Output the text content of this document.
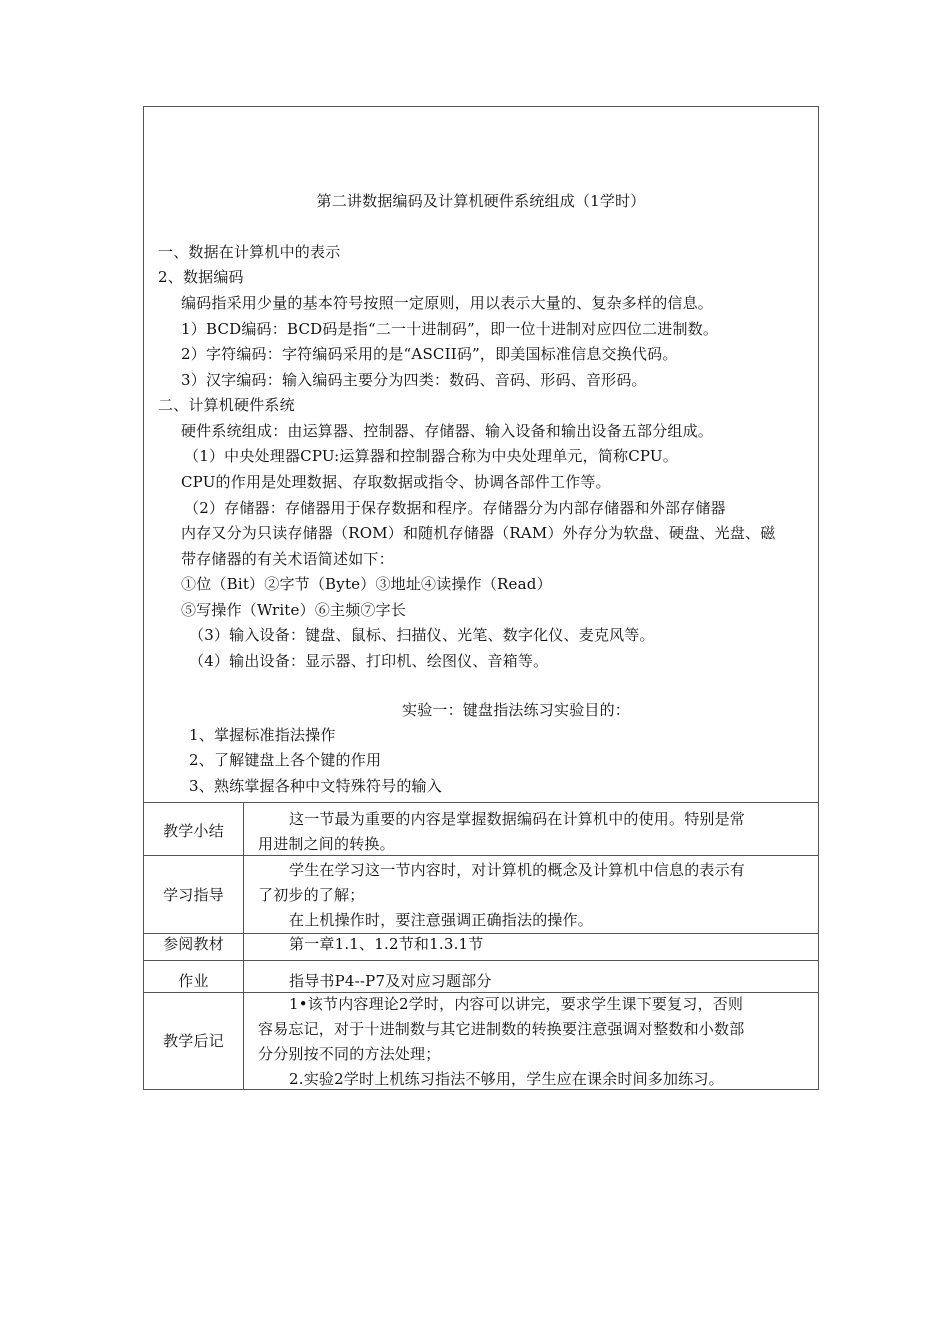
第二讲数据编码及计算机硬件系统组成（1学时）
一、数据在计算机中的表示
2、数据编码
编码指采用少量的基本符号按照一定原则，用以表示大量的、复杂多样的信息。
1）BCD编码：BCD码是指“二一十进制码”，即一位十进制对应四位二进制数。
2）字符编码：字符编码采用的是“ASCII码”，即美国标准信息交换代码。
3）汉字编码：输入编码主要分为四类：数码、音码、形码、音形码。
二、计算机硬件系统
硬件系统组成：由运算器、控制器、存储器、输入设备和输出设备五部分组成。
（1）中央处理器CPU:运算器和控制器合称为中央处理单元，简称CPU。
CPU的作用是处理数据、存取数据或指令、协调各部件工作等。
（2）存储器：存储器用于保存数据和程序。存储器分为内部存储器和外部存储器
内存又分为只读存储器（ROM）和随机存储器（RAM）外存分为软盘、硬盘、光盘、磁
带存储器的有关术语简述如下：
①位（Bit）②字节（Byte）③地址④读操作（Read）
⑤写操作（Write）⑥主频⑦字长
（3）输入设备：键盘、鼠标、扫描仪、光笔、数字化仪、麦克风等。
（4）输出设备：显示器、打印机、绘图仪、音箱等。
实验一：键盘指法练习实验目的：
1、掌握标准指法操作
2、了解键盘上各个键的作用
3、熟练掌握各种中文特殊符号的输入
教学小结
这一节最为重要的内容是掌握数据编码在计算机中的使用。特别是常
用进制之间的转换。
学习指导
学生在学习这一节内容时，对计算机的概念及计算机中信息的表示有
了初步的了解；
在上机操作时，要注意强调正确指法的操作。
参阅教材	第一章1.1、1.2节和1.3.1节
作业	指导书P4--P7及对应习题部分
教学后记
1•该节内容理论2学时，内容可以讲完，要求学生课下要复习，否则
容易忘记，对于十进制数与其它进制数的转换要注意强调对整数和小数部
分分别按不同的方法处理；
2.实验2学时上机练习指法不够用，学生应在课余时间多加练习。
